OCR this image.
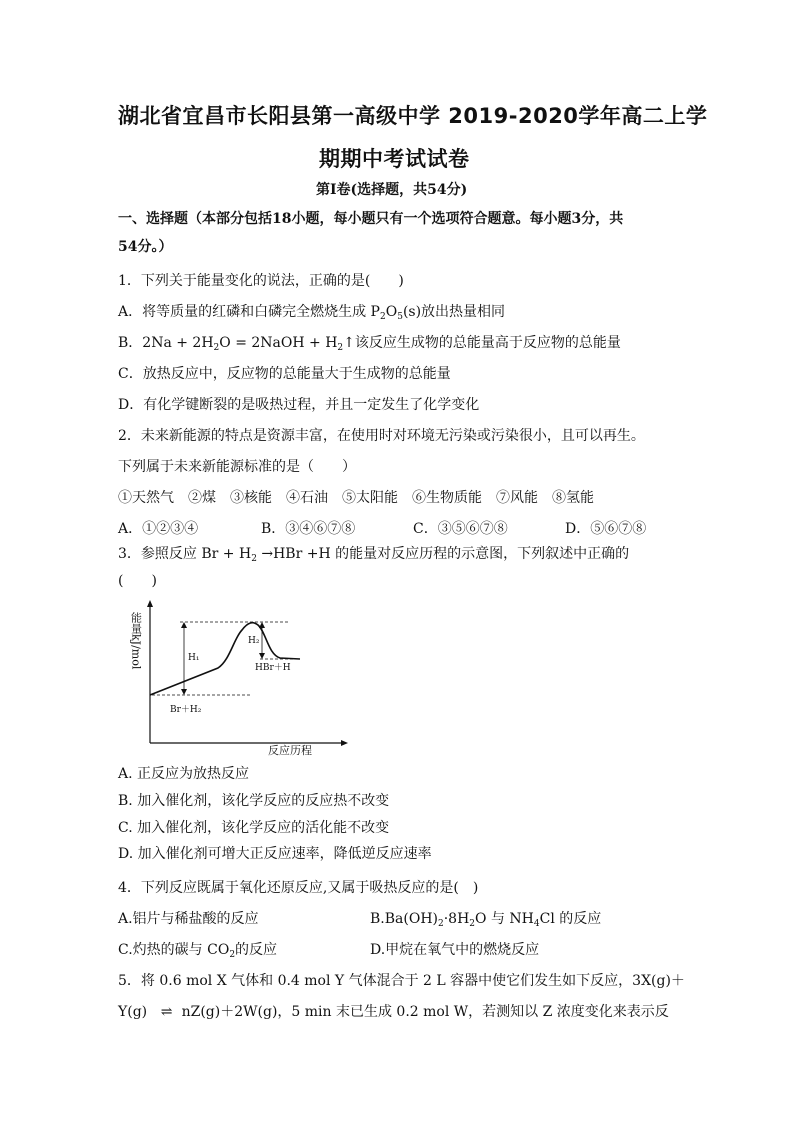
湖北省宜昌市长阳县第一高级中学 2019-2020学年高二上学
期期中考试试卷
第I卷(选择题，共54分)
一、选择题（本部分包括18小题，每小题只有一个选项符合题意。每小题3分，共
54分。）
1．下列关于能量变化的说法，正确的是(　　)
A．将等质量的红磷和白磷完全燃烧生成 $P_2O_5(s)$放出热量相同
B．$2Na + 2H_2O$ = 2NaOH + $H_2↑$该反应生成物的总能量高于反应物的总能量
C．放热反应中，反应物的总能量大于生成物的总能量
D．有化学键断裂的是吸热过程，并且一定发生了化学变化
2．未来新能源的特点是资源丰富，在使用时对环境无污染或污染很小，且可以再生。
下列属于未来新能源标准的是（　　）
①天然气　②煤　③核能　④石油　⑤太阳能　⑥生物质能　⑦风能　⑧氢能
A．①②③④	B．③④⑥⑦⑧	C．③⑤⑥⑦⑧	D．⑤⑥⑦⑧
3．参照反应 $Br + H_2 \to HBr +H$ 的能量对反应历程的示意图，下列叙述中正确的
(　　)
能量kJ/mol	H₁
H₂
HBr＋H
Br＋H₂
反应历程
A. 正反应为放热反应
B. 加入催化剂，该化学反应的反应热不改变
C. 加入催化剂，该化学反应的活化能不改变
D. 加入催化剂可增大正反应速率，降低逆反应速率
4．下列反应既属于氧化还原反应,又属于吸热反应的是(　)
A.铝片与稀盐酸的反应	$B.Ba(OH)_2\cdot 8H_2O$ 与 $NH_4Cl$ 的反应
C.灼热的碳与 $CO_2$的反应	D.甲烷在氧气中的燃烧反应
5．将 0.6 mol X 气体和 0.4 mol Y 气体混合于 2 L 容器中使它们发生如下反应，3X(g)＋
Y(g) ⇌ nZ(g)＋2W(g)，5 min 末已生成 0.2 mol W，若测知以 Z 浓度变化来表示反
